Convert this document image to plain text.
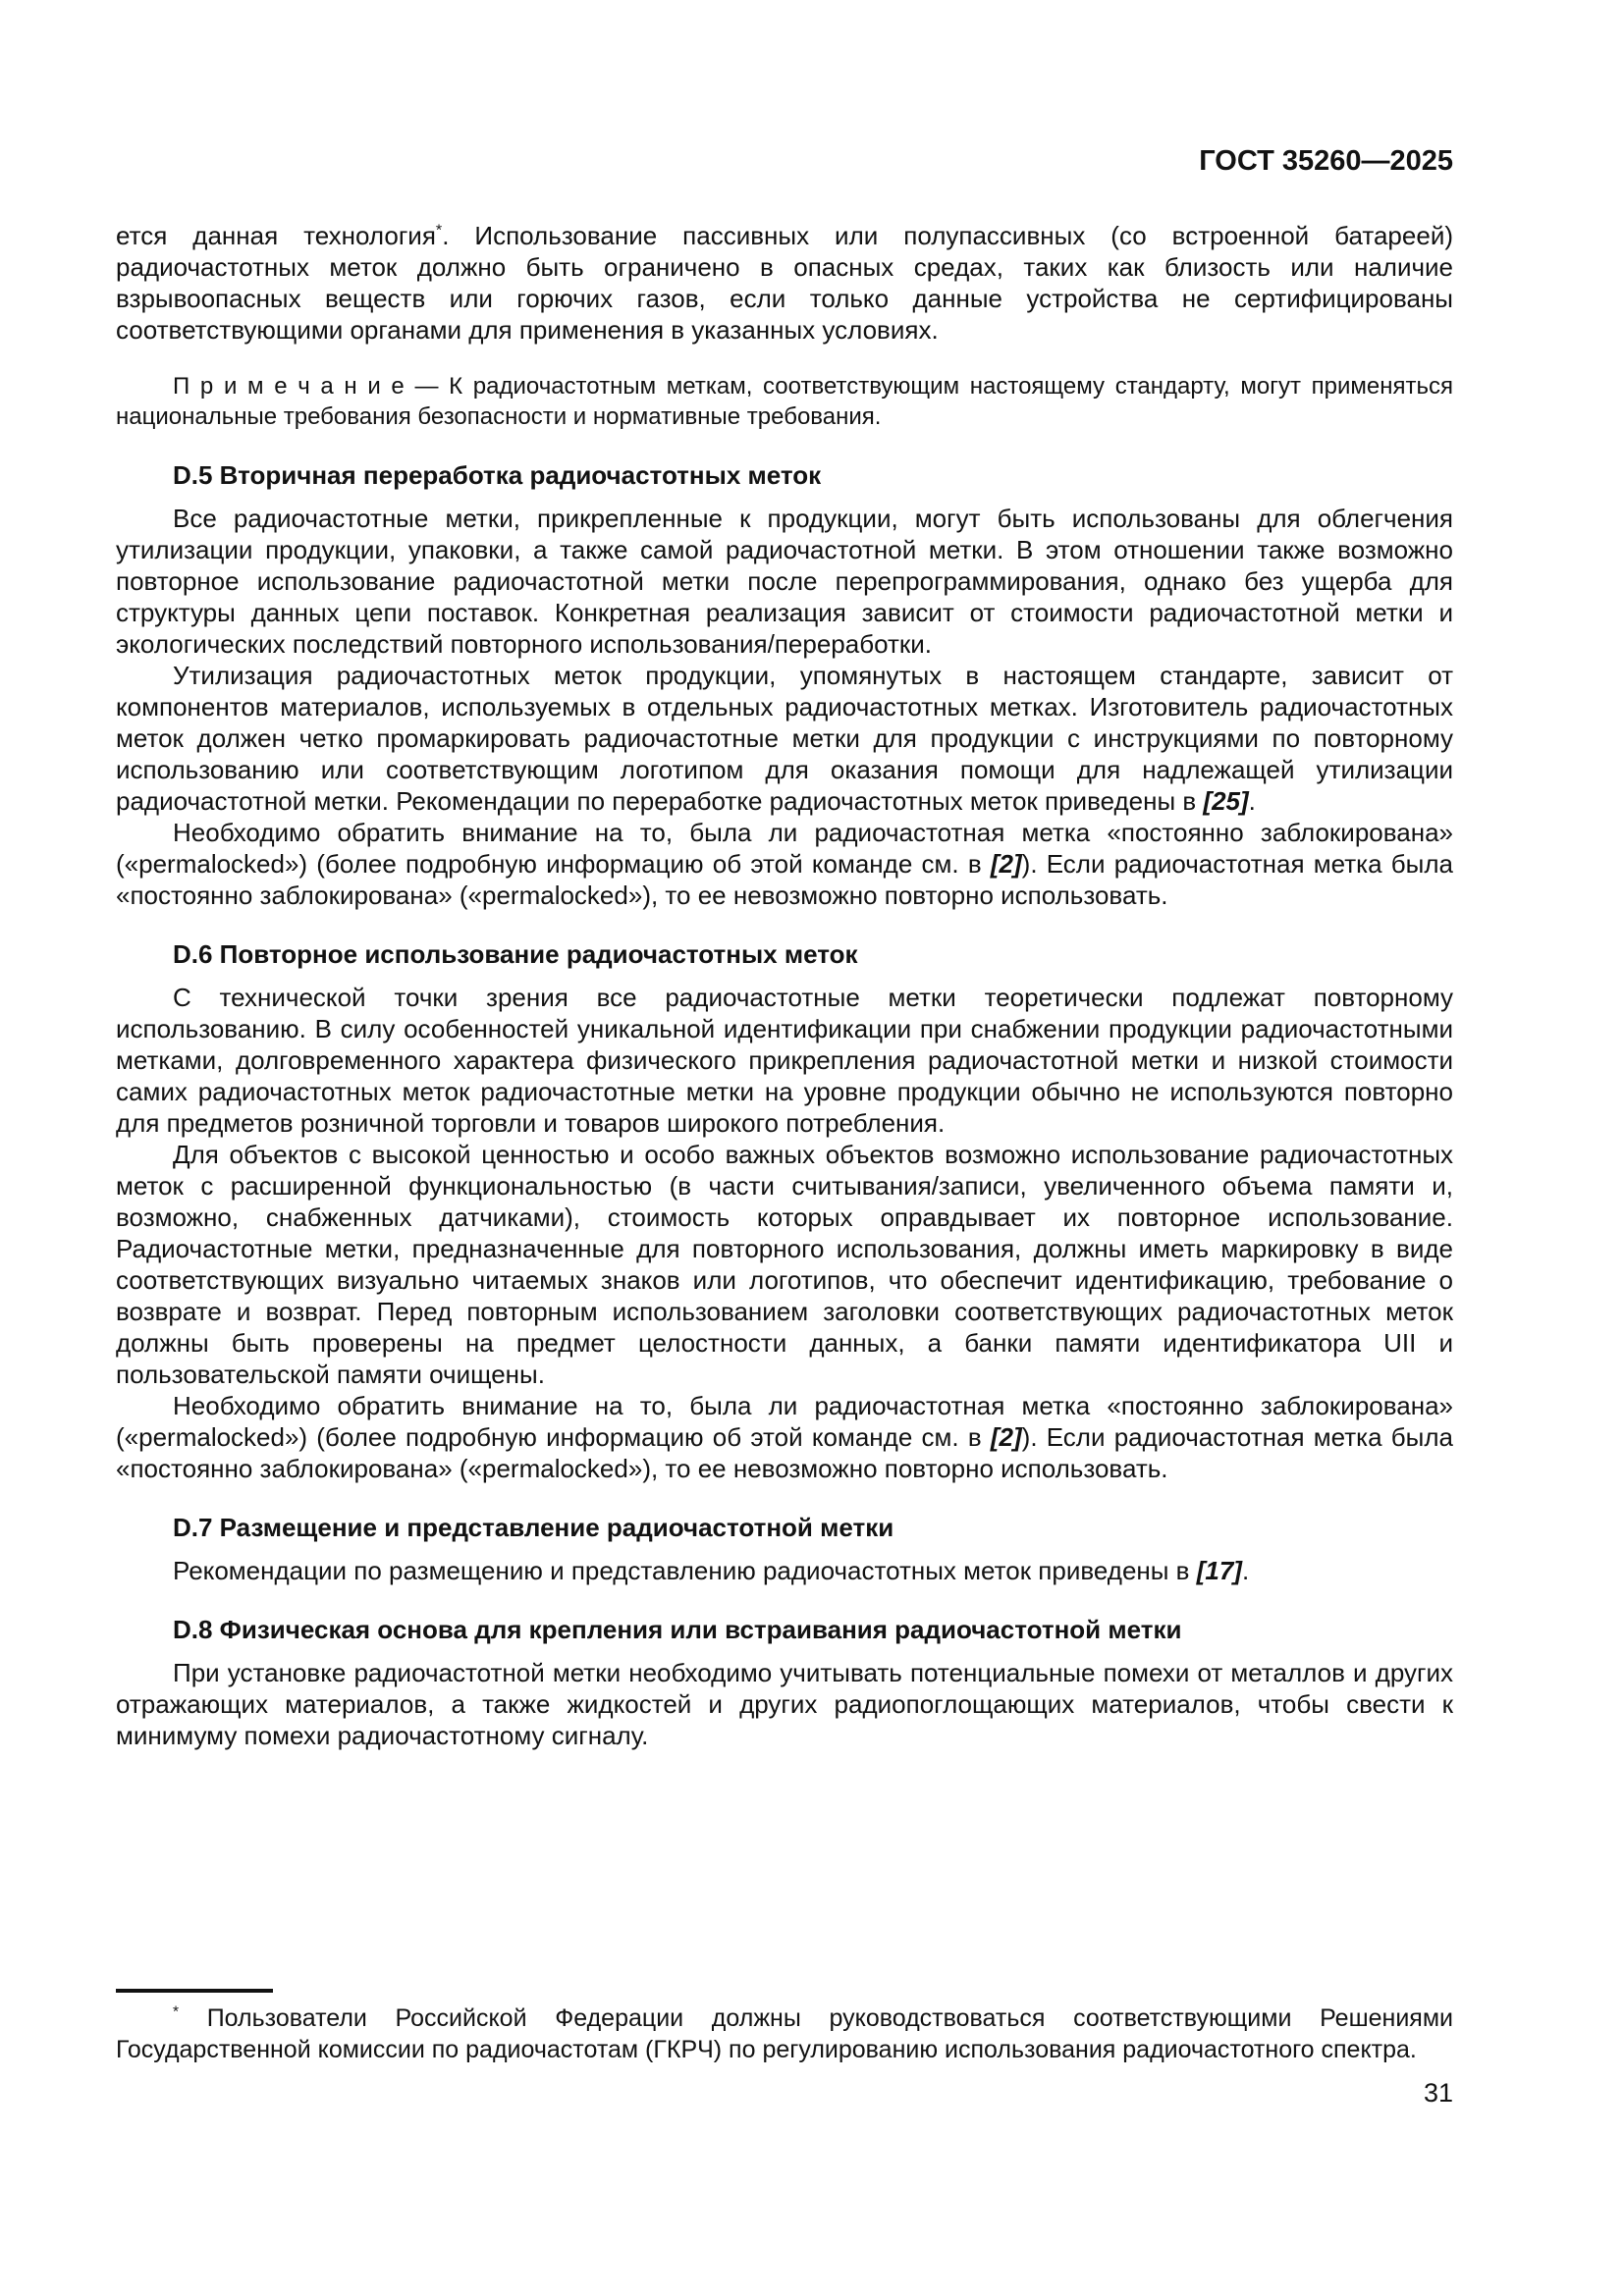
ГОСТ 35260—2025

ется данная технология*. Использование пассивных или полупассивных (со встроенной батареей) радиочастотных меток должно быть ограничено в опасных средах, таких как близость или наличие взрывоопасных веществ или горючих газов, если только данные устройства не сертифицированы соответствующими органами для применения в указанных условиях.

П р и м е ч а н и е — К радиочастотным меткам, соответствующим настоящему стандарту, могут применяться национальные требования безопасности и нормативные требования.

D.5 Вторичная переработка радиочастотных меток

Все радиочастотные метки, прикрепленные к продукции, могут быть использованы для облегчения утилизации продукции, упаковки, а также самой радиочастотной метки. В этом отношении также возможно повторное использование радиочастотной метки после перепрограммирования, однако без ущерба для структуры данных цепи поставок. Конкретная реализация зависит от стоимости радиочастотной метки и экологических последствий повторного использования/переработки.

Утилизация радиочастотных меток продукции, упомянутых в настоящем стандарте, зависит от компонентов материалов, используемых в отдельных радиочастотных метках. Изготовитель радиочастотных меток должен четко промаркировать радиочастотные метки для продукции с инструкциями по повторному использованию или соответствующим логотипом для оказания помощи для надлежащей утилизации радиочастотной метки. Рекомендации по переработке радиочастотных меток приведены в [25].

Необходимо обратить внимание на то, была ли радиочастотная метка «постоянно заблокирована» («permalocked») (более подробную информацию об этой команде см. в [2]). Если радиочастотная метка была «постоянно заблокирована» («permalocked»), то ее невозможно повторно использовать.

D.6 Повторное использование радиочастотных меток

С технической точки зрения все радиочастотные метки теоретически подлежат повторному использованию. В силу особенностей уникальной идентификации при снабжении продукции радиочастотными метками, долговременного характера физического прикрепления радиочастотной метки и низкой стоимости самих радиочастотных меток радиочастотные метки на уровне продукции обычно не используются повторно для предметов розничной торговли и товаров широкого потребления.

Для объектов с высокой ценностью и особо важных объектов возможно использование радиочастотных меток с расширенной функциональностью (в части считывания/записи, увеличенного объема памяти и, возможно, снабженных датчиками), стоимость которых оправдывает их повторное использование. Радиочастотные метки, предназначенные для повторного использования, должны иметь маркировку в виде соответствующих визуально читаемых знаков или логотипов, что обеспечит идентификацию, требование о возврате и возврат. Перед повторным использованием заголовки соответствующих радиочастотных меток должны быть проверены на предмет целостности данных, а банки памяти идентификатора UII и пользовательской памяти очищены.

Необходимо обратить внимание на то, была ли радиочастотная метка «постоянно заблокирована» («permalocked») (более подробную информацию об этой команде см. в [2]). Если радиочастотная метка была «постоянно заблокирована» («permalocked»), то ее невозможно повторно использовать.

D.7 Размещение и представление радиочастотной метки

Рекомендации по размещению и представлению радиочастотных меток приведены в [17].

D.8 Физическая основа для крепления или встраивания радиочастотной метки

При установке радиочастотной метки необходимо учитывать потенциальные помехи от металлов и других отражающих материалов, а также жидкостей и других радиопоглощающих материалов, чтобы свести к минимуму помехи радиочастотному сигналу.

* Пользователи Российской Федерации должны руководствоваться соответствующими Решениями Государственной комиссии по радиочастотам (ГКРЧ) по регулированию использования радиочастотного спектра.

31
